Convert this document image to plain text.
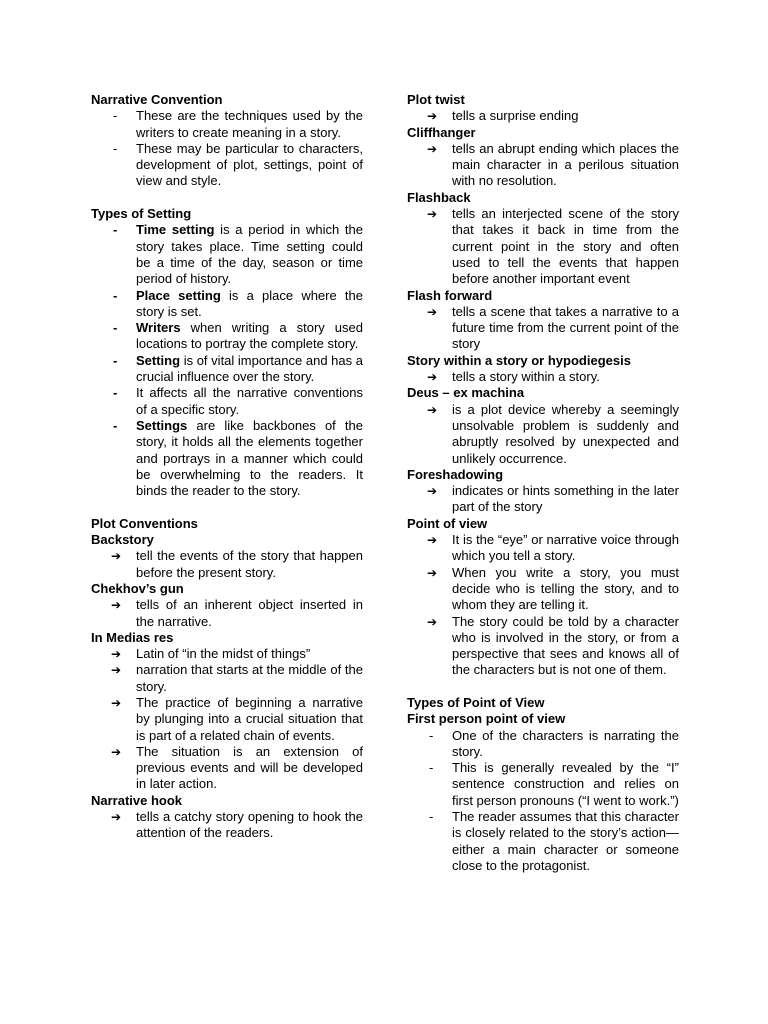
Narrative Convention
- These are the techniques used by the writers to create meaning in a story.
- These may be particular to characters, development of plot, settings, point of view and style.
Types of Setting
- Time setting is a period in which the story takes place. Time setting could be a time of the day, season or time period of history.
- Place setting is a place where the story is set.
- Writers when writing a story used locations to portray the complete story.
- Setting is of vital importance and has a crucial influence over the story.
- It affects all the narrative conventions of a specific story.
- Settings are like backbones of the story, it holds all the elements together and portrays in a manner which could be overwhelming to the readers. It binds the reader to the story.
Plot Conventions
Backstory
➔ tell the events of the story that happen before the present story.
Chekhov’s gun
➔ tells of an inherent object inserted in the narrative.
In Medias res
➔ Latin of “in the midst of things”
➔ narration that starts at the middle of the story.
➔ The practice of beginning a narrative by plunging into a crucial situation that is part of a related chain of events.
➔ The situation is an extension of previous events and will be developed in later action.
Narrative hook
➔ tells a catchy story opening to hook the attention of the readers.
Plot twist
➔ tells a surprise ending
Cliffhanger
➔ tells an abrupt ending which places the main character in a perilous situation with no resolution.
Flashback
➔ tells an interjected scene of the story that takes it back in time from the current point in the story and often used to tell the events that happen before another important event
Flash forward
➔ tells a scene that takes a narrative to a future time from the current point of the story
Story within a story or hypodiegesis
➔ tells a story within a story.
Deus – ex machina
➔ is a plot device whereby a seemingly unsolvable problem is suddenly and abruptly resolved by unexpected and unlikely occurrence.
Foreshadowing
➔ indicates or hints something in the later part of the story
Point of view
➔ It is the “eye” or narrative voice through which you tell a story.
➔ When you write a story, you must decide who is telling the story, and to whom they are telling it.
➔ The story could be told by a character who is involved in the story, or from a perspective that sees and knows all of the characters but is not one of them.
Types of Point of View
First person point of view
- One of the characters is narrating the story.
- This is generally revealed by the “I” sentence construction and relies on first person pronouns (“I went to work.”)
- The reader assumes that this character is closely related to the story’s action—either a main character or someone close to the protagonist.
